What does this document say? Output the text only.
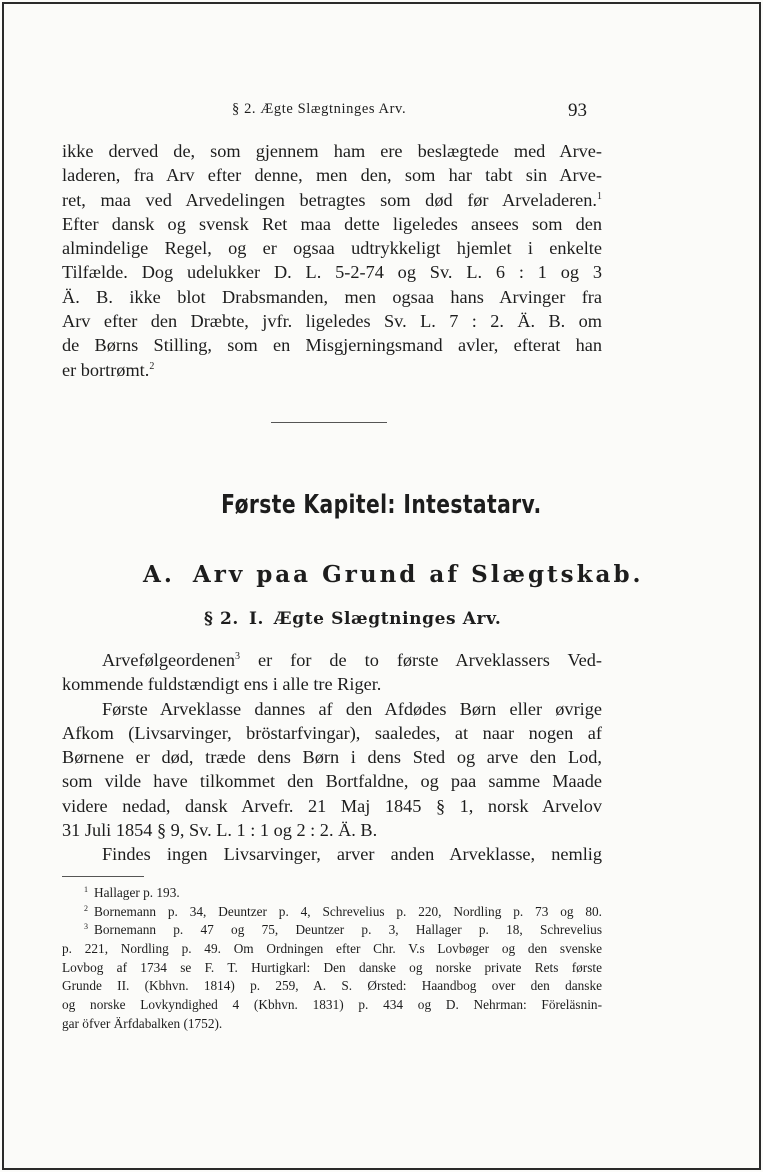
§ 2. Ægte Slægtninges Arv.	93
ikke derved de, som gjennem ham ere beslægtede med Arve-
laderen, fra Arv efter denne, men den, som har tabt sin Arve-
ret, maa ved Arvedelingen betragtes som død før Arveladeren.$^1$
Efter dansk og svensk Ret maa dette ligeledes ansees som den
almindelige Regel, og er ogsaa udtrykkeligt hjemlet i enkelte
Tilfælde. Dog udelukker D. L. 5-2-74 og Sv. L. 6 : 1 og 3
Ä. B. ikke blot Drabsmanden, men ogsaa hans Arvinger fra
Arv efter den Dræbte, jvfr. ligeledes Sv. L. 7 : 2. Ä. B. om
de Børns Stilling, som en Misgjerningsmand avler, efterat han
er bortrømt.$^2$
Første Kapitel: Intestatarv.
A. Arv paa Grund af Slægtskab.
§ 2. I. Ægte Slægtninges Arv.
Arvefølgeordenen$^3$ er for de to første Arveklassers Ved-
kommende fuldstændigt ens i alle tre Riger.
Første Arveklasse dannes af den Afdødes Børn eller øvrige
Afkom (Livsarvinger, bröstarfvingar), saaledes, at naar nogen af
Børnene er død, træde dens Børn i dens Sted og arve den Lod,
som vilde have tilkommet den Bortfaldne, og paa samme Maade
videre nedad, dansk Arvefr. 21 Maj 1845 § 1, norsk Arvelov
31 Juli 1854 § 9, Sv. L. 1 : 1 og 2 : 2. Ä. B.
Findes ingen Livsarvinger, arver anden Arveklasse, nemlig
$^1$ Hallager p. 193.
$^2$ Bornemann p. 34, Deuntzer p. 4, Schrevelius p. 220, Nordling p. 73 og 80.
$^3$ Bornemann p. 47 og 75, Deuntzer p. 3, Hallager p. 18, Schrevelius
p. 221, Nordling p. 49. Om Ordningen efter Chr. V.s Lovbøger og den svenske
Lovbog af 1734 se F. T. Hurtigkarl: Den danske og norske private Rets første
Grunde II. (Kbhvn. 1814) p. 259, A. S. Ørsted: Haandbog over den danske
og norske Lovkyndighed 4 (Kbhvn. 1831) p. 434 og D. Nehrman: Föreläsnin-
gar öfver Ärfdabalken (1752).
